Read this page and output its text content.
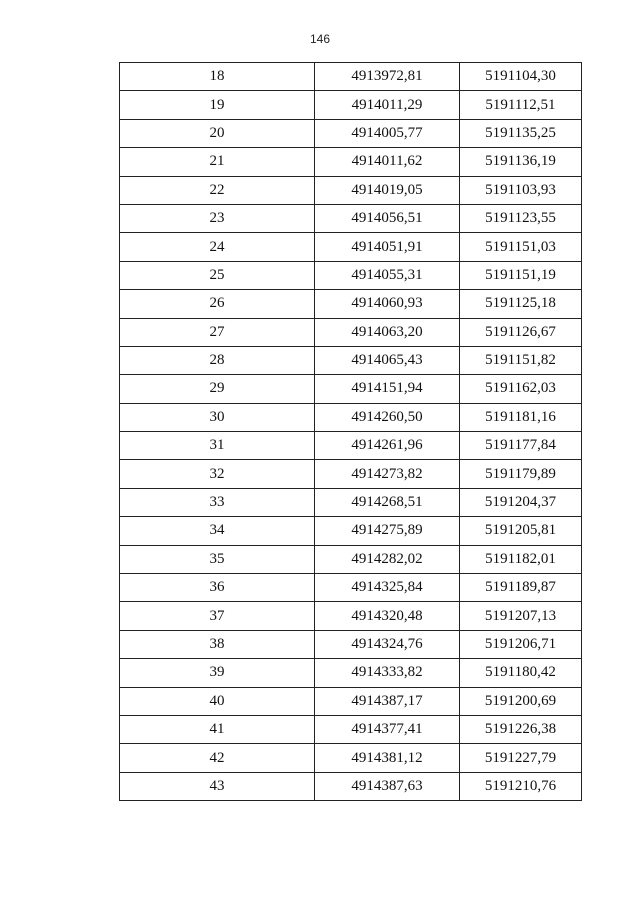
146
18	4913972,81	5191104,30
19	4914011,29	5191112,51
20	4914005,77	5191135,25
21	4914011,62	5191136,19
22	4914019,05	5191103,93
23	4914056,51	5191123,55
24	4914051,91	5191151,03
25	4914055,31	5191151,19
26	4914060,93	5191125,18
27	4914063,20	5191126,67
28	4914065,43	5191151,82
29	4914151,94	5191162,03
30	4914260,50	5191181,16
31	4914261,96	5191177,84
32	4914273,82	5191179,89
33	4914268,51	5191204,37
34	4914275,89	5191205,81
35	4914282,02	5191182,01
36	4914325,84	5191189,87
37	4914320,48	5191207,13
38	4914324,76	5191206,71
39	4914333,82	5191180,42
40	4914387,17	5191200,69
41	4914377,41	5191226,38
42	4914381,12	5191227,79
43	4914387,63	5191210,76
